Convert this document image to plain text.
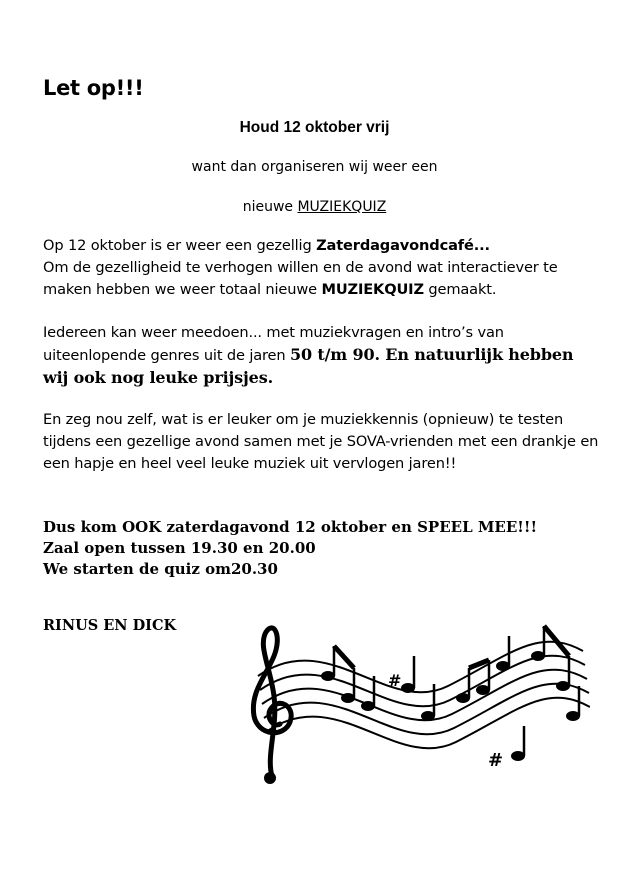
Let op!!!
Houd 12 oktober vrij
want dan organiseren wij weer een
nieuwe MUZIEKQUIZ
Op 12 oktober is er weer een gezellig Zaterdagavondcafé...
Om de gezelligheid te verhogen willen en de avond wat interactiever te maken hebben we weer totaal nieuwe MUZIEKQUIZ gemaakt.
Iedereen kan weer meedoen... met muziekvragen en intro’s van uiteenlopende genres uit de jaren 50 t/m 90. En natuurlijk hebben wij ook nog leuke prijsjes.
En zeg nou zelf, wat is er leuker om je muziekkennis (opnieuw) te testen tijdens een gezellige avond samen met je SOVA-vrienden met een drankje en een hapje en heel veel leuke muziek uit vervlogen jaren!!
Dus kom OOK zaterdagavond 12 oktober en SPEEL MEE!!!
Zaal open tussen 19.30 en 20.00
We starten de quiz om20.30
RINUS EN DICK
#
#
